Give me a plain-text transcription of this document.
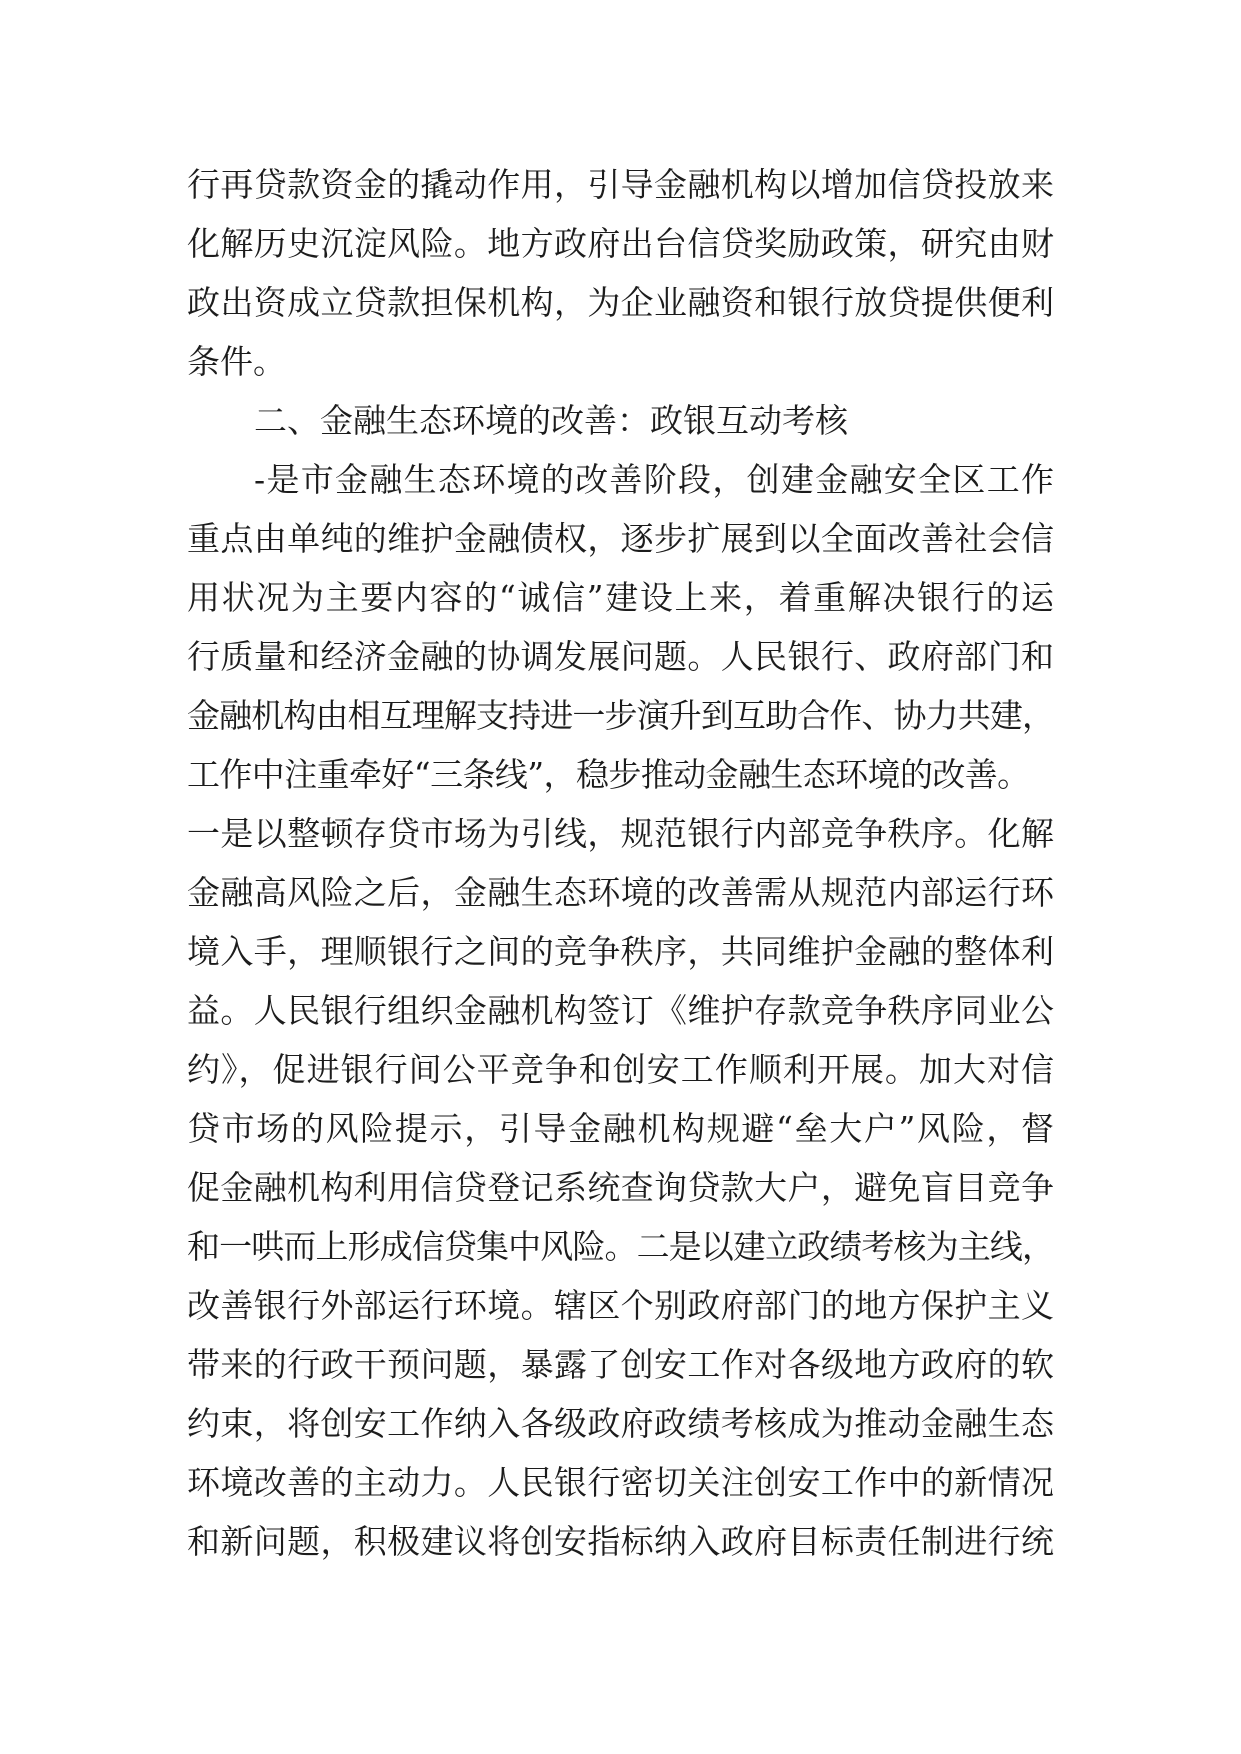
行再贷款资金的撬动作用，引导金融机构以增加信贷投放来
化解历史沉淀风险。地方政府出台信贷奖励政策，研究由财
政出资成立贷款担保机构，为企业融资和银行放贷提供便利
条件。
二、金融生态环境的改善：政银互动考核
-是市金融生态环境的改善阶段，创建金融安全区工作
重点由单纯的维护金融债权，逐步扩展到以全面改善社会信
用状况为主要内容的“诚信”建设上来，着重解决银行的运
行质量和经济金融的协调发展问题。人民银行、政府部门和
金融机构由相互理解支持进一步演升到互助合作、协力共建，
工作中注重牵好“三条线”，稳步推动金融生态环境的改善。
一是以整顿存贷市场为引线，规范银行内部竞争秩序。化解
金融高风险之后，金融生态环境的改善需从规范内部运行环
境入手，理顺银行之间的竞争秩序，共同维护金融的整体利
益。人民银行组织金融机构签订《维护存款竞争秩序同业公
约》，促进银行间公平竞争和创安工作顺利开展。加大对信
贷市场的风险提示，引导金融机构规避“垒大户”风险，督
促金融机构利用信贷登记系统查询贷款大户，避免盲目竞争
和一哄而上形成信贷集中风险。二是以建立政绩考核为主线，
改善银行外部运行环境。辖区个别政府部门的地方保护主义
带来的行政干预问题，暴露了创安工作对各级地方政府的软
约束，将创安工作纳入各级政府政绩考核成为推动金融生态
环境改善的主动力。人民银行密切关注创安工作中的新情况
和新问题，积极建议将创安指标纳入政府目标责任制进行统
